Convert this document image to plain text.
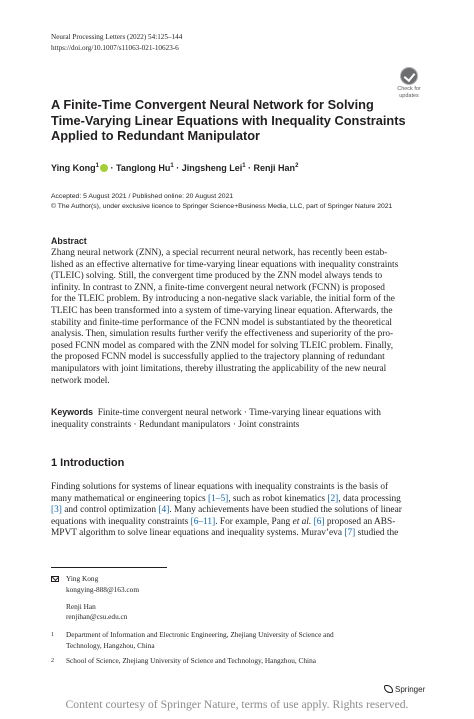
Neural Processing Letters (2022) 54:125–144
https://doi.org/10.1007/s11063-021-10623-6
Check for
updates
A Finite-Time Convergent Neural Network for Solving
Time-Varying Linear Equations with Inequality Constraints
Applied to Redundant Manipulator
Ying Kong$^1$ · Tanglong $Hu^1$ · Jingsheng Lei$^1$ · Renji Han$^2$
Accepted: 5 August 2021 / Published online: 20 August 2021
© The Author(s), under exclusive licence to Springer Science+Business Media, LLC, part of Springer Nature 2021
Abstract
Zhang neural network (ZNN), a special recurrent neural network, has recently been estab-
lished as an effective alternative for time-varying linear equations with inequality constraints
(TLEIC) solving. Still, the convergent time produced by the ZNN model always tends to
infinity. In contrast to ZNN, a finite-time convergent neural network (FCNN) is proposed
for the TLEIC problem. By introducing a non-negative slack variable, the initial form of the
TLEIC has been transformed into a system of time-varying linear equation. Afterwards, the
stability and finite-time performance of the FCNN model is substantiated by the theoretical
analysis. Then, simulation results further verify the effectiveness and superiority of the pro-
posed FCNN model as compared with the ZNN model for solving TLEIC problem. Finally,
the proposed FCNN model is successfully applied to the trajectory planning of redundant
manipulators with joint limitations, thereby illustrating the applicability of the new neural
network model.
Keywords Finite-time convergent neural network · Time-varying linear equations with
inequality constraints · Redundant manipulators · Joint constraints
1 Introduction
Finding solutions for systems of linear equations with inequality constraints is the basis of
many mathematical or engineering topics [1–5], such as robot kinematics [2], data processing
[3] and control optimization [4]. Many achievements have been studied the solutions of linear
equations with inequality constraints [6–11]. For example, Pang et al. [6] proposed an ABS-
MPVT algorithm to solve linear equations and inequality systems. Murav’eva [7] studied the
Ying Kong
kongying-888@163.com
Renji Han
renjihan@csu.edu.cn
1 Department of Information and Electronic Engineering, Zhejiang University of Science and
Technology, Hangzhou, China
2 School of Science, Zhejiang University of Science and Technology, Hangzhou, China
Springer
Content courtesy of Springer Nature, terms of use apply. Rights reserved.
